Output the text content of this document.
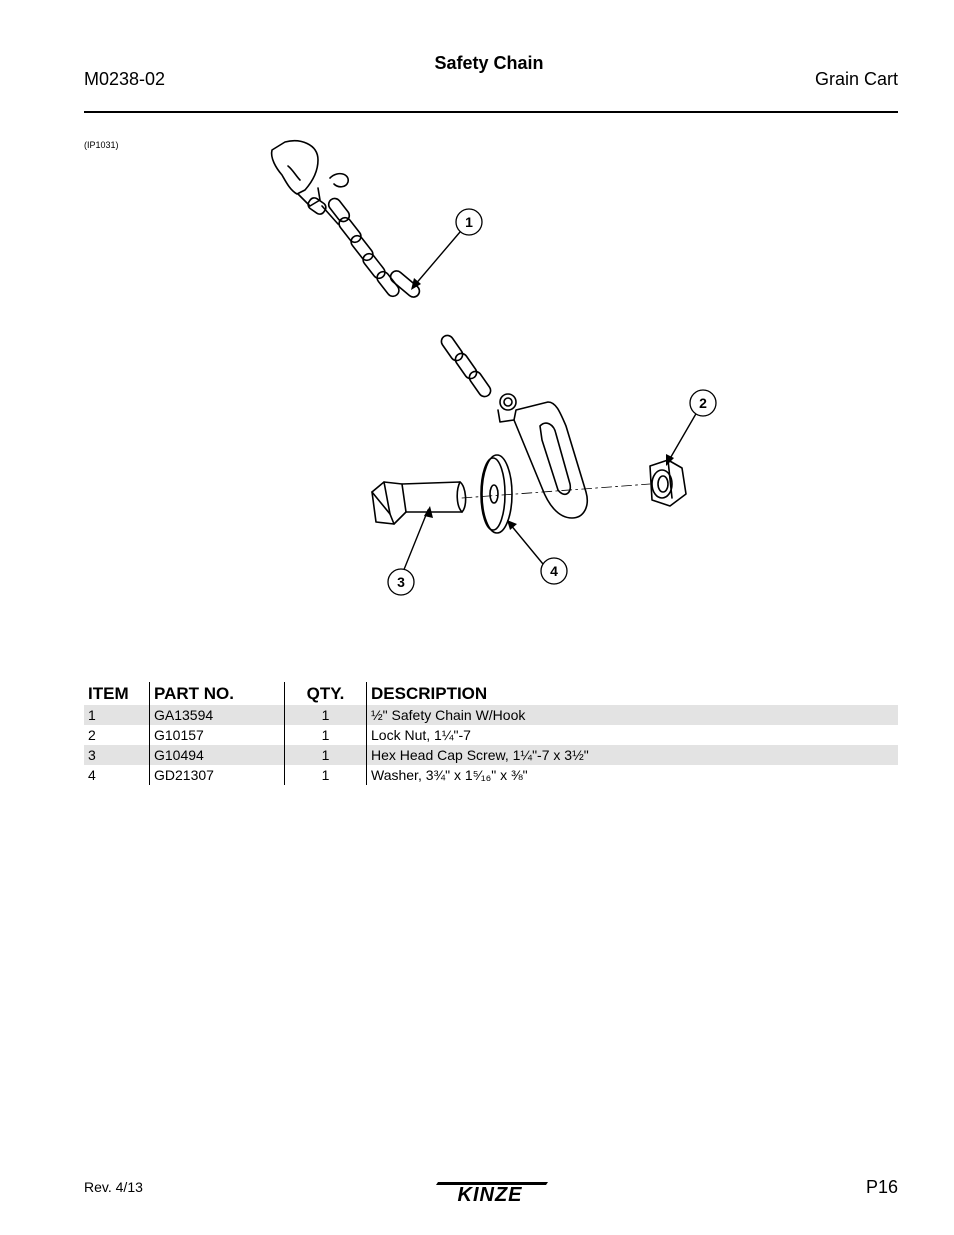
M0238-02
Safety Chain
Grain Cart
(IP1031)
1
2
3
4
ITEM	PART NO.	QTY.	DESCRIPTION
1	GA13594	1	½" Safety Chain W/Hook
2	G10157	1	Lock Nut, 1¼"-7
3	G10494	1	Hex Head Cap Screw, 1¼"-7 x 3½"
4	GD21307	1	Washer, 3¾" x 1⁵⁄₁₆" x ⅜"
Rev. 4/13	KINZE	P16
